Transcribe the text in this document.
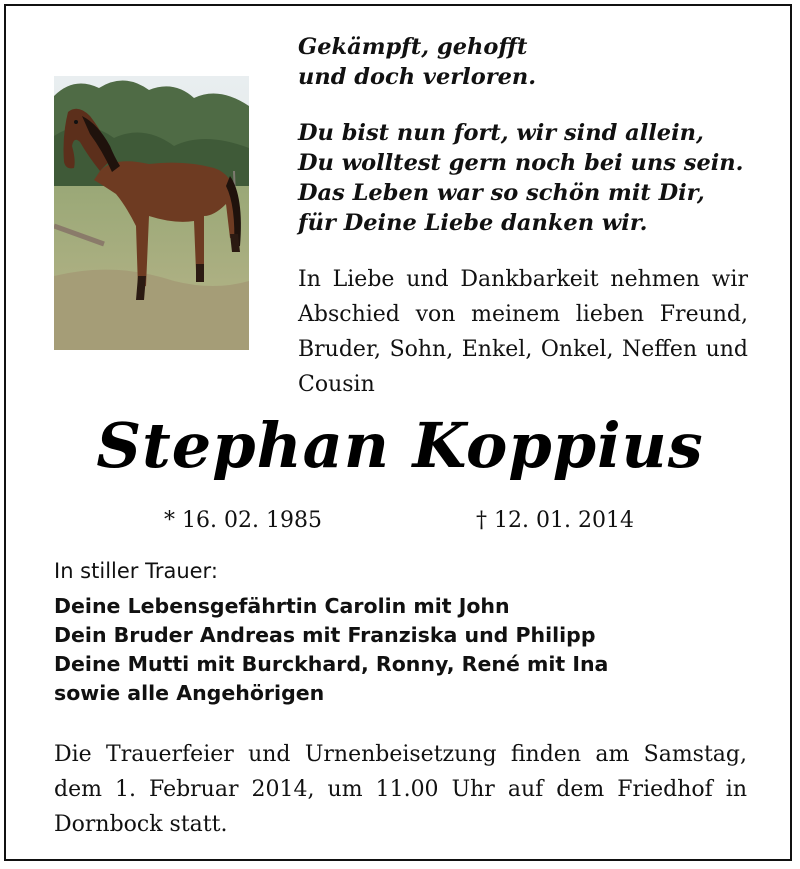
Gekämpft, gehofft
und doch verloren.
Du bist nun fort, wir sind allein,
Du wolltest gern noch bei uns sein.
Das Leben war so schön mit Dir,
für Deine Liebe danken wir.
In Liebe und Dankbarkeit nehmen wir Abschied von meinem lieben Freund, Bruder, Sohn, Enkel, Onkel, Neffen und Cousin
Stephan Koppius
* 16. 02. 1985	† 12. 01. 2014
In stiller Trauer:
Deine Lebensgefährtin Carolin mit John
Dein Bruder Andreas mit Franziska und Philipp
Deine Mutti mit Burckhard, Ronny, René mit Ina
sowie alle Angehörigen
Die Trauerfeier und Urnenbeisetzung finden am Samstag, dem 1. Februar 2014, um 11.00 Uhr auf dem Friedhof in Dornbock statt.
